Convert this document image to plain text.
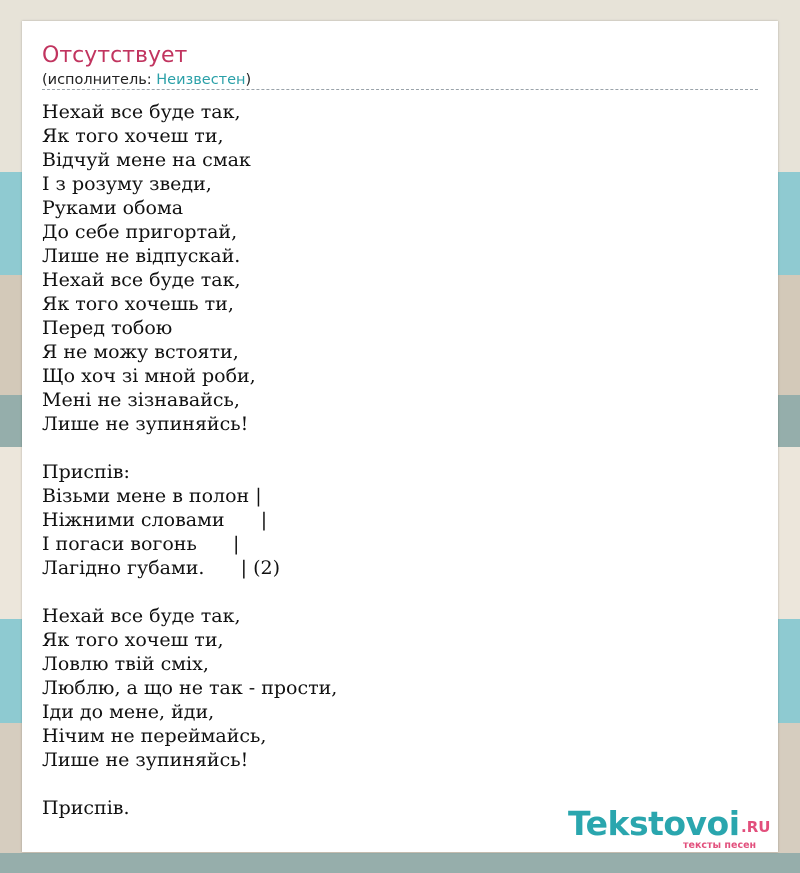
Отсутствует
(исполнитель: Неизвестен)
Нехай все буде так,
Як того хочеш ти,
Відчуй мене на смак
І з розуму зведи,
Руками обома
До себе пригортай,
Лише не відпускай.
Нехай все буде так,
Як того хочешь ти,
Перед тобою
Я не можу встояти,
Що хоч зі мной роби,
Мені не зізнавайсь,
Лише не зупиняйсь!
Приспів:
Візьми мене в полон |
Ніжними словами      |
І погаси вогонь      |
Лагідно губами.      | (2)
Нехай все буде так,
Як того хочеш ти,
Ловлю твій сміх,
Люблю, а що не так - прости,
Іди до мене, йди,
Нічим не переймайсь,
Лише не зупиняйсь!
Приспів.	Tekstovoi .RU
тексты песен
